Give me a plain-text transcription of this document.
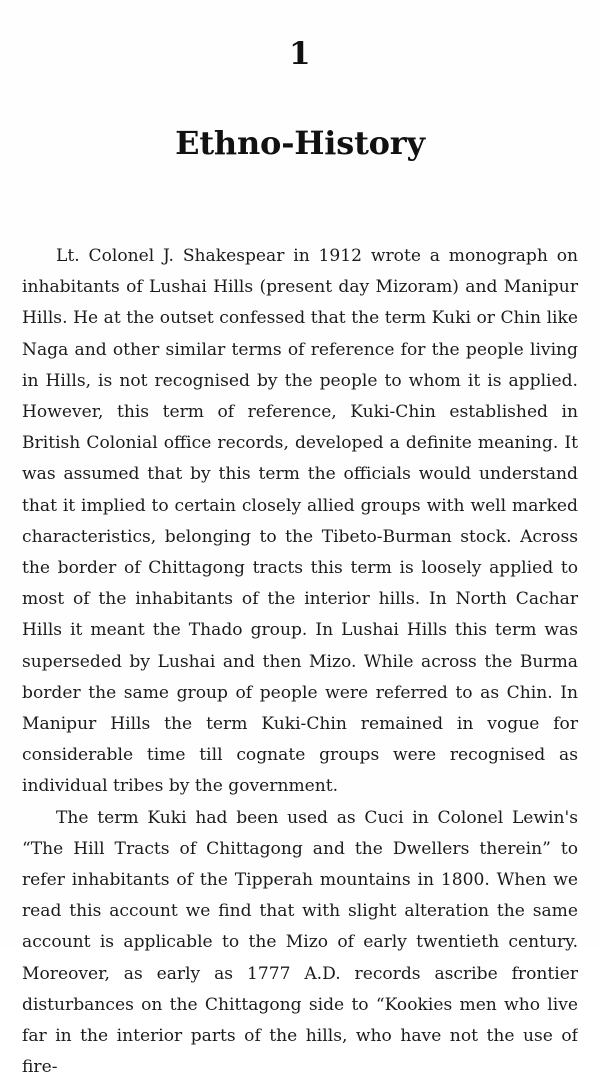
1
Ethno-History

Lt. Colonel J. Shakespear in 1912 wrote a monograph on inhabitants of Lushai Hills (present day Mizoram) and Manipur Hills. He at the outset confessed that the term Kuki or Chin like Naga and other similar terms of reference for the people living in Hills, is not recognised by the people to whom it is applied. However, this term of reference, Kuki-Chin established in British Colonial office records, developed a definite meaning. It was assumed that by this term the officials would understand that it implied to certain closely allied groups with well marked characteristics, belonging to the Tibeto-Burman stock. Across the border of Chittagong tracts this term is loosely applied to most of the inhabitants of the interior hills. In North Cachar Hills it meant the Thado group. In Lushai Hills this term was superseded by Lushai and then Mizo. While across the Burma border the same group of people were referred to as Chin. In Manipur Hills the term Kuki-Chin remained in vogue for considerable time till cognate groups were recognised as individual tribes by the government.

The term Kuki had been used as Cuci in Colonel Lewin's “The Hill Tracts of Chittagong and the Dwellers therein” to refer inhabitants of the Tipperah mountains in 1800. When we read this account we find that with slight alteration the same account is applicable to the Mizo of early twentieth century. Moreover, as early as 1777 A.D. records ascribe frontier disturbances on the Chittagong side to “Kookies men who live far in the interior parts of the hills, who have not the use of fire-
